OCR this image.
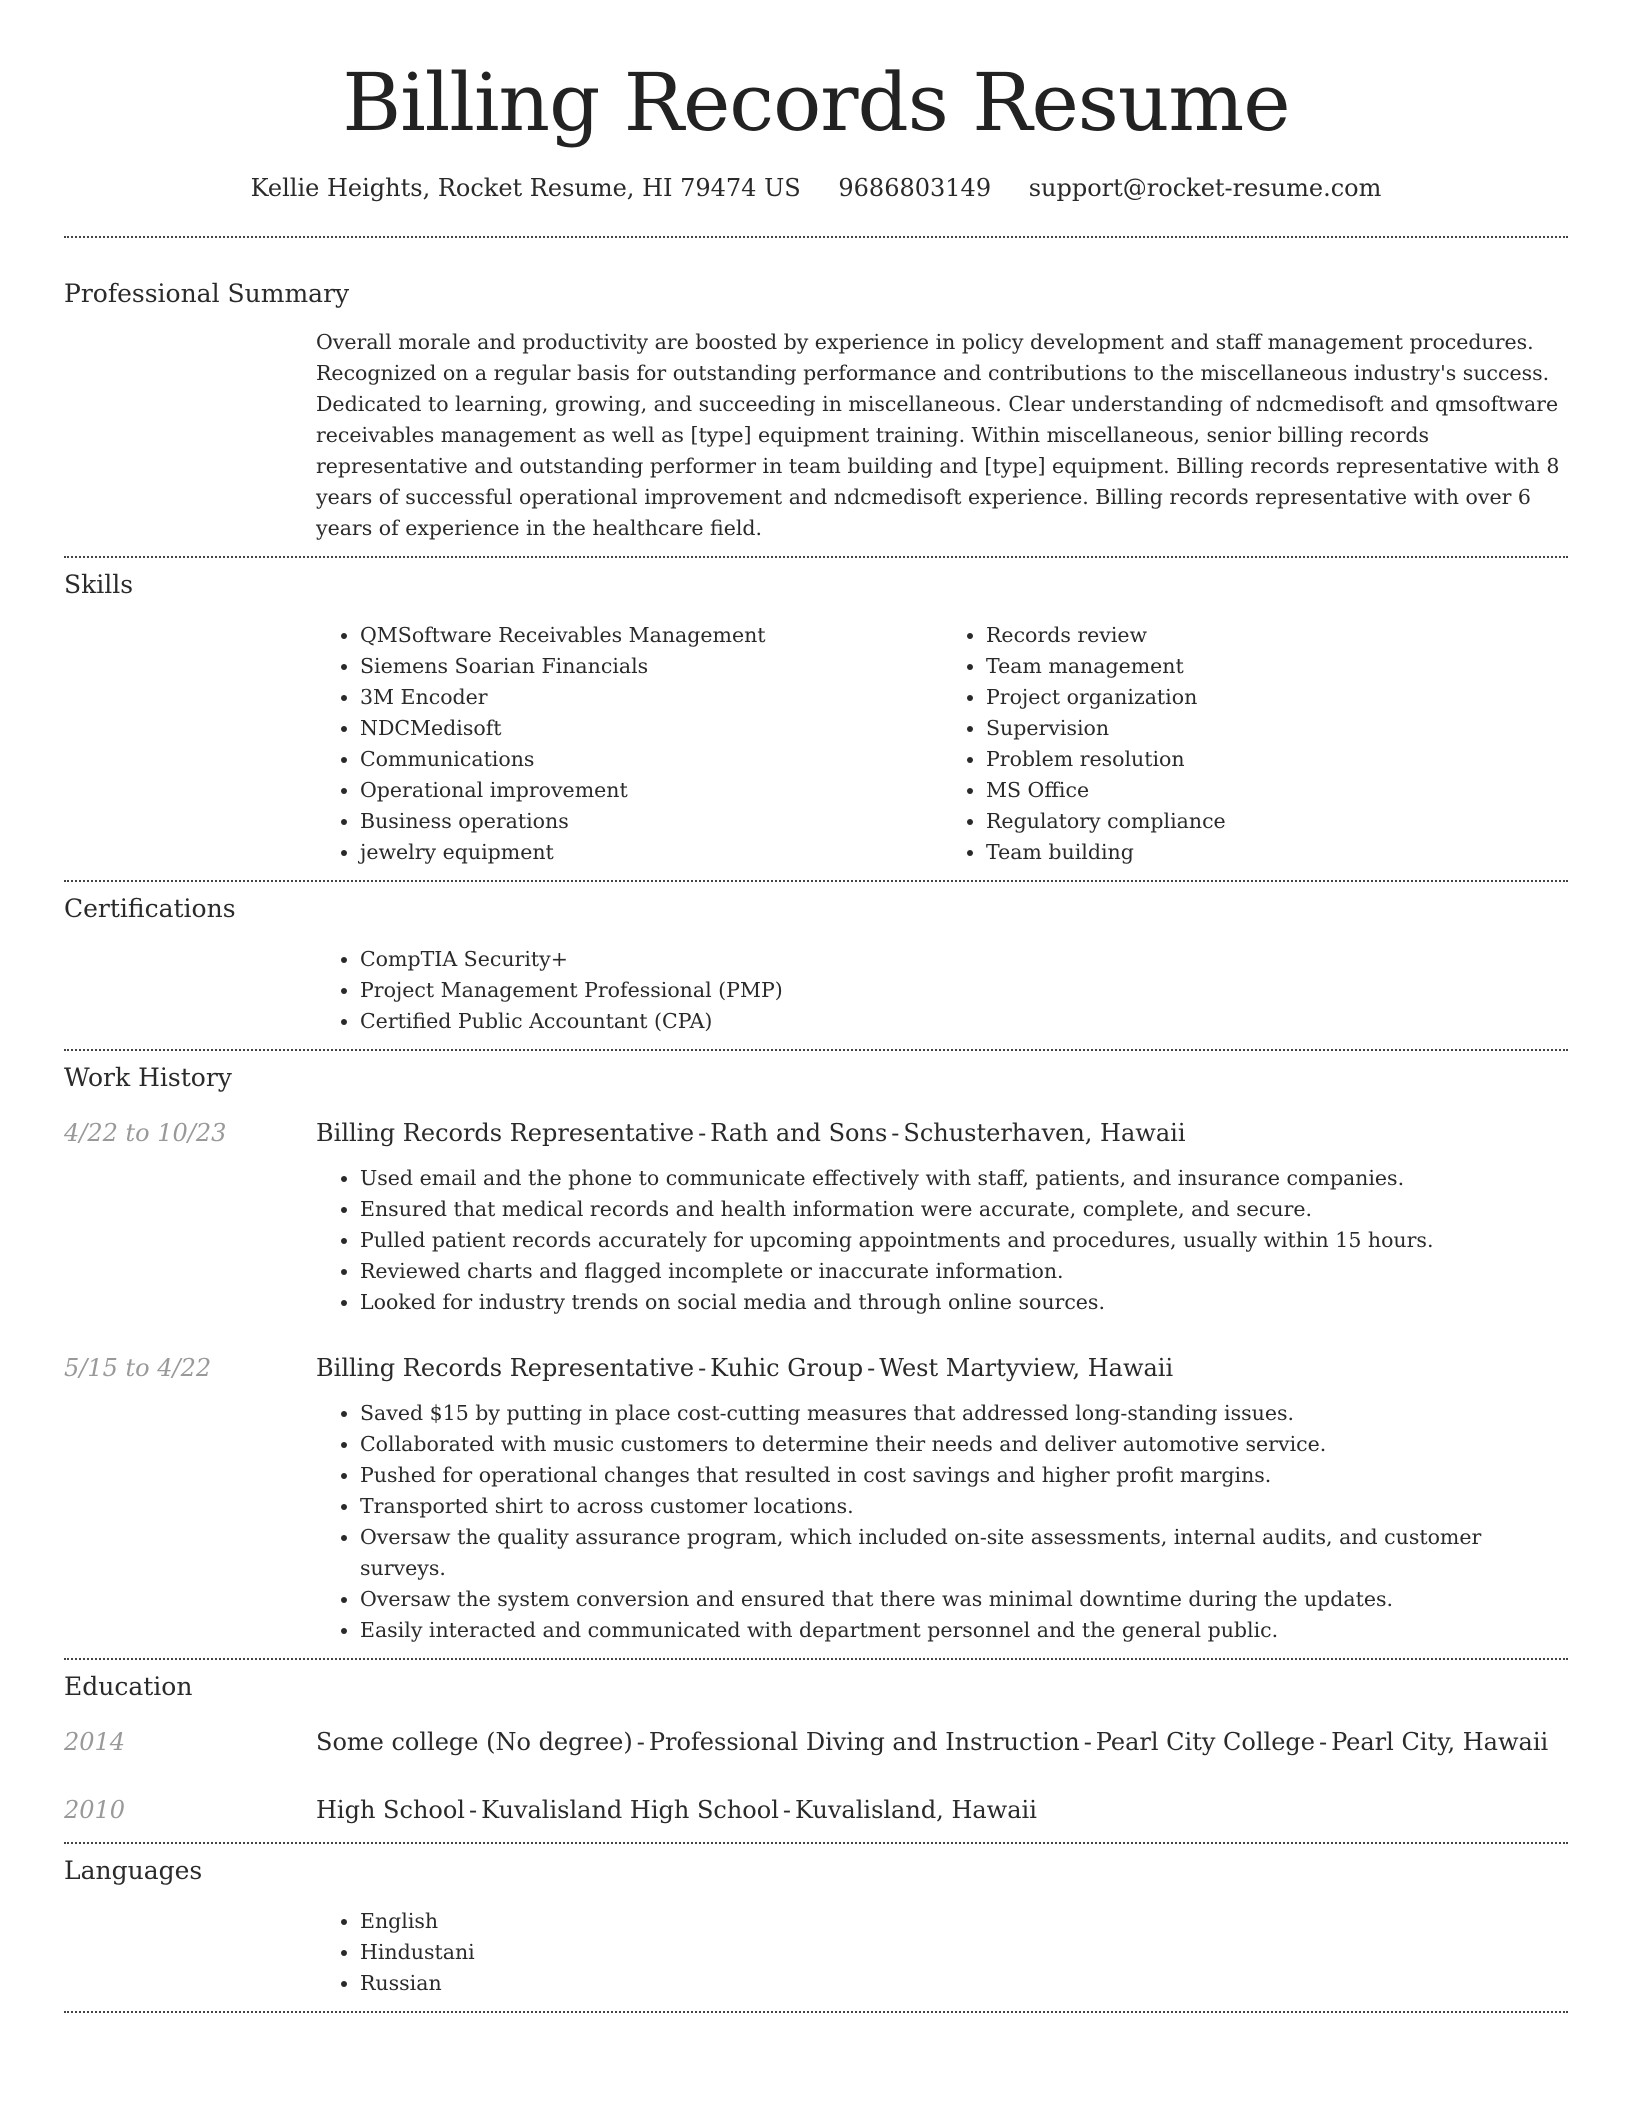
Billing Records Resume
Kellie Heights, Rocket Resume, HI 79474 US 9686803149 support@rocket-resume.com
Professional Summary
Overall morale and productivity are boosted by experience in policy development and staff management procedures. Recognized on a regular basis for outstanding performance and contributions to the miscellaneous industry's success. Dedicated to learning, growing, and succeeding in miscellaneous. Clear understanding of ndcmedisoft and qmsoftware receivables management as well as [type] equipment training. Within miscellaneous, senior billing records representative and outstanding performer in team building and [type] equipment. Billing records representative with 8 years of successful operational improvement and ndcmedisoft experience. Billing records representative with over 6 years of experience in the healthcare field.
Skills
• QMSoftware Receivables Management
• Siemens Soarian Financials
• 3M Encoder
• NDCMedisoft
• Communications
• Operational improvement
• Business operations
• jewelry equipment
• Records review
• Team management
• Project organization
• Supervision
• Problem resolution
• MS Office
• Regulatory compliance
• Team building
Certifications
• CompTIA Security+
• Project Management Professional (PMP)
• Certified Public Accountant (CPA)
Work History
4/22 to 10/23	Billing Records Representative - Rath and Sons - Schusterhaven, Hawaii
• Used email and the phone to communicate effectively with staff, patients, and insurance companies.
• Ensured that medical records and health information were accurate, complete, and secure.
• Pulled patient records accurately for upcoming appointments and procedures, usually within 15 hours.
• Reviewed charts and flagged incomplete or inaccurate information.
• Looked for industry trends on social media and through online sources.
5/15 to 4/22	Billing Records Representative - Kuhic Group - West Martyview, Hawaii
• Saved $15 by putting in place cost-cutting measures that addressed long-standing issues.
• Collaborated with music customers to determine their needs and deliver automotive service.
• Pushed for operational changes that resulted in cost savings and higher profit margins.
• Transported shirt to across customer locations.
• Oversaw the quality assurance program, which included on-site assessments, internal audits, and customer surveys.
• Oversaw the system conversion and ensured that there was minimal downtime during the updates.
• Easily interacted and communicated with department personnel and the general public.
Education
2014	Some college (No degree) - Professional Diving and Instruction - Pearl City College - Pearl City, Hawaii
2010	High School - Kuvalisland High School - Kuvalisland, Hawaii
Languages
• English
• Hindustani
• Russian
